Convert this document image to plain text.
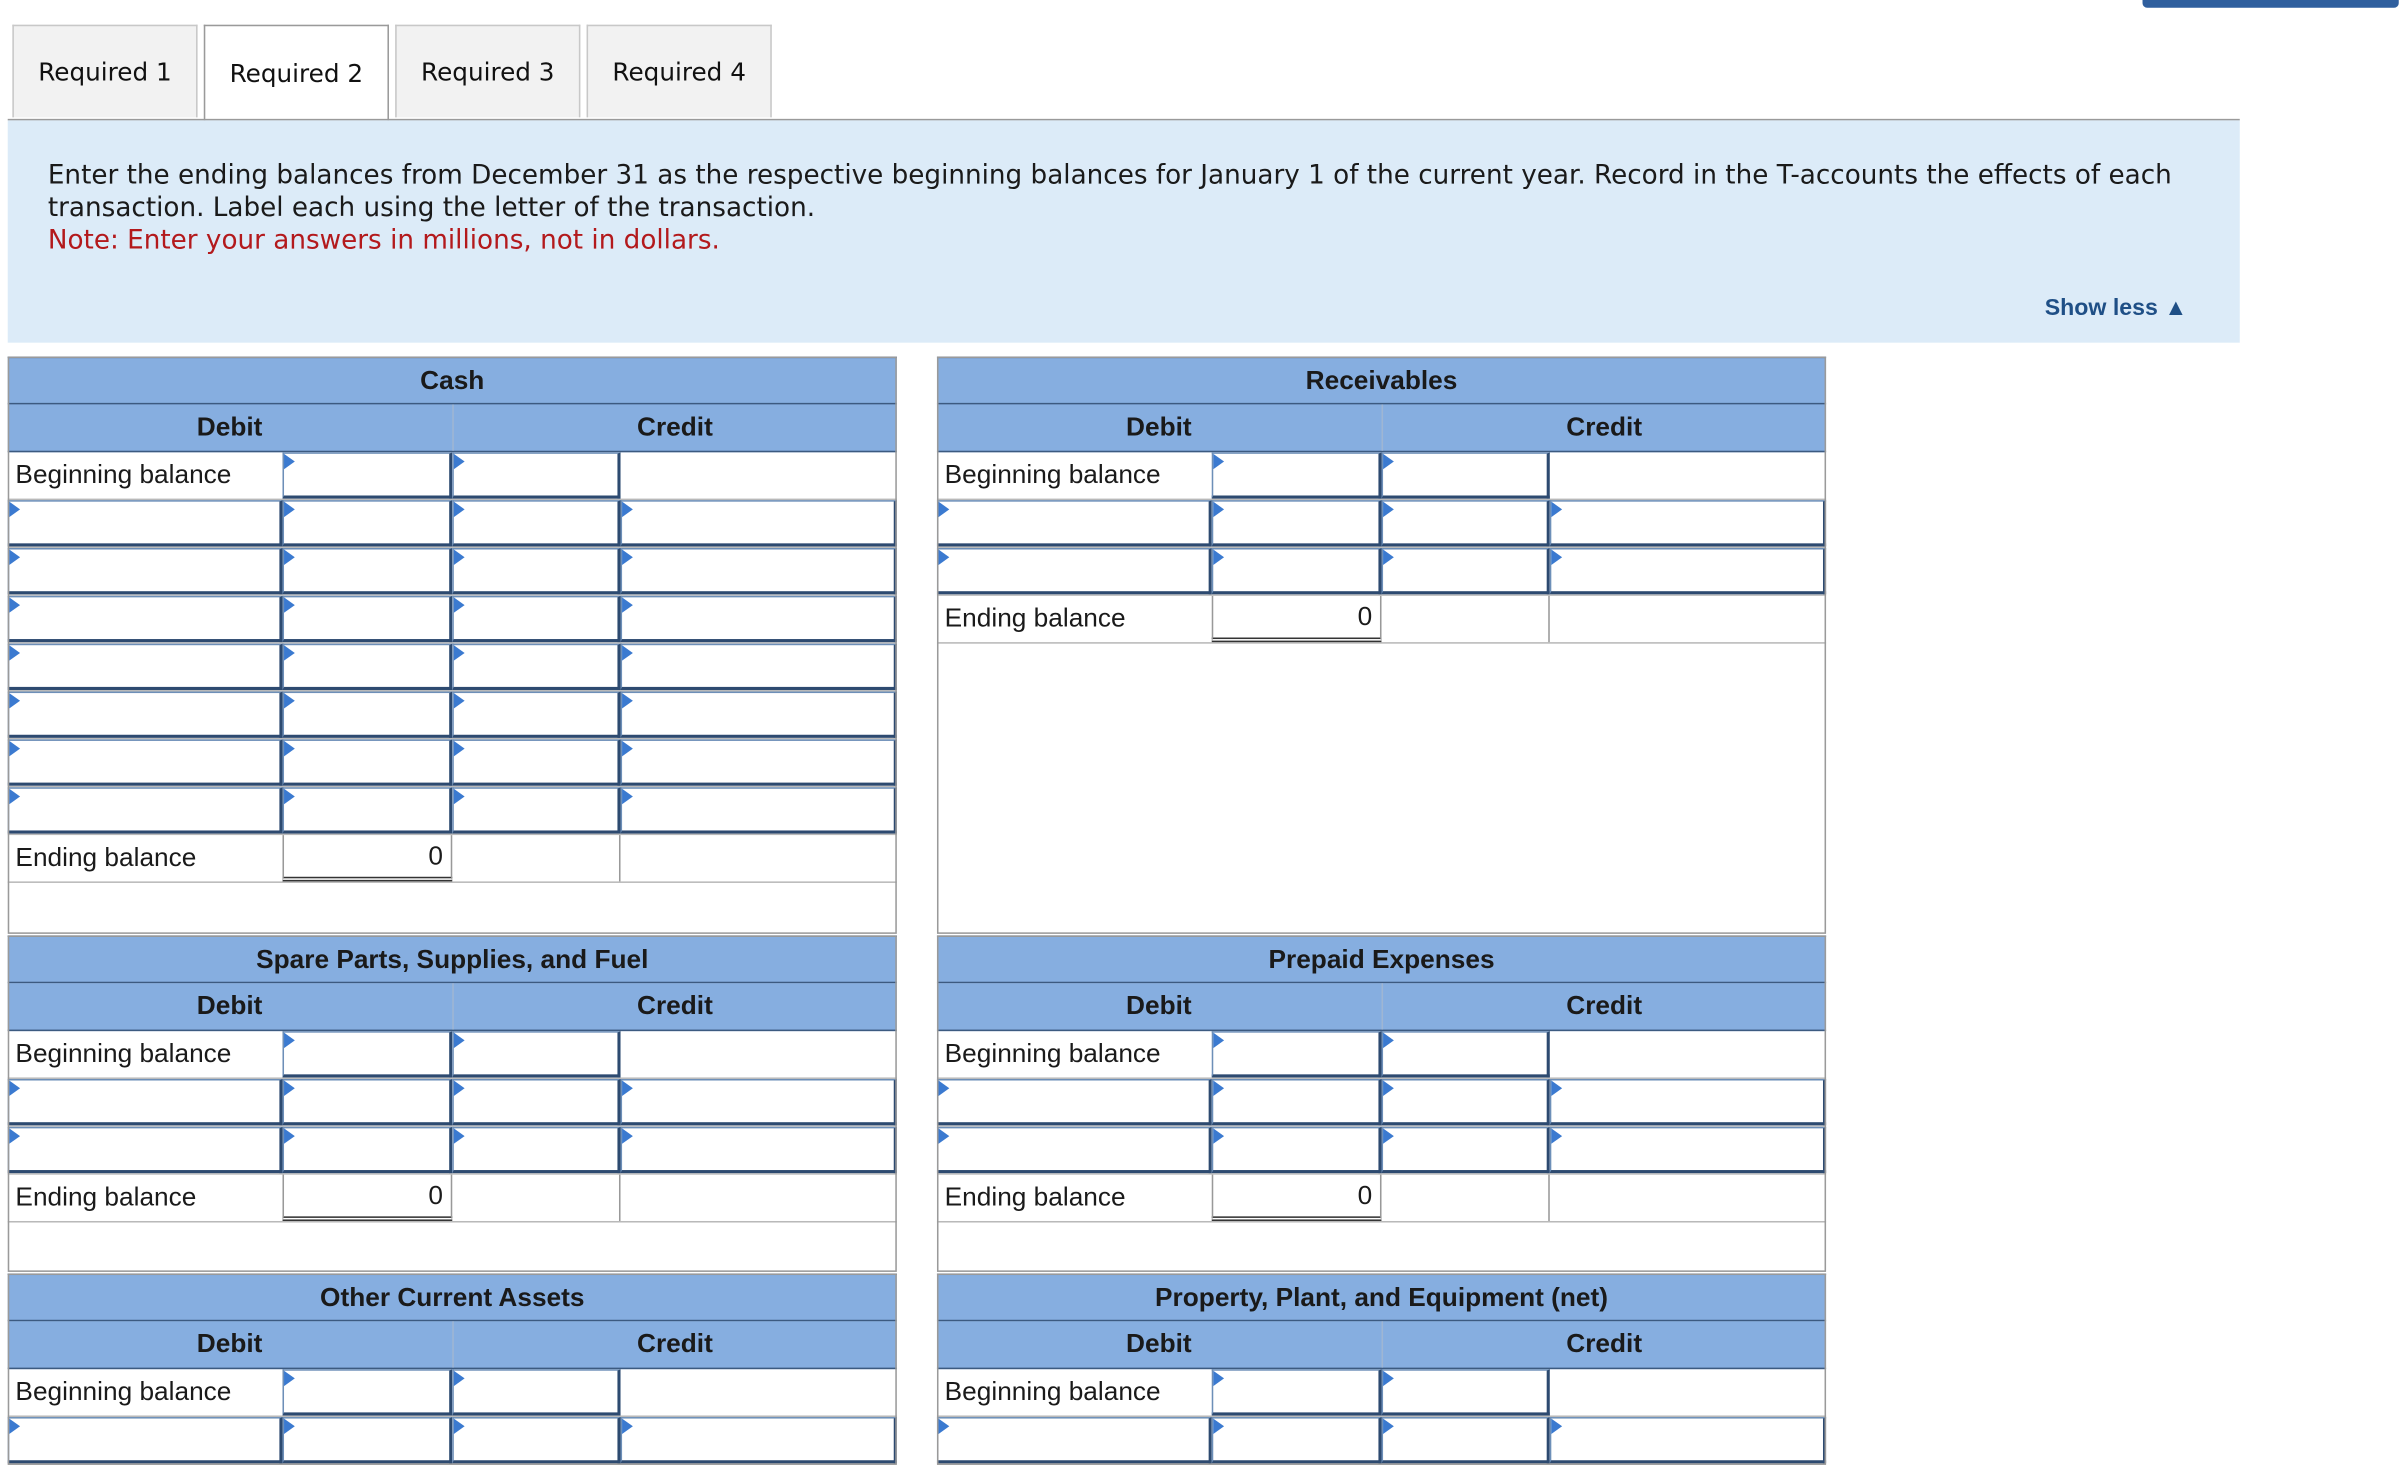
Required 1	Required 2	Required 3	Required 4
Enter the ending balances from December 31 as the respective beginning balances for January 1 of the current year. Record in the T-accounts the effects of each transaction. Label each using the letter of the transaction.
Note: Enter your answers in millions, not in dollars.
Show less ▲
Cash
Debit	Credit
Beginning balance
Ending balance	0
Receivables
Debit	Credit
Beginning balance
Ending balance	0
Spare Parts, Supplies, and Fuel
Debit	Credit
Beginning balance
Ending balance	0
Prepaid Expenses
Debit	Credit
Beginning balance
Ending balance	0
Other Current Assets
Debit	Credit
Beginning balance
Property, Plant, and Equipment (net)
Debit	Credit
Beginning balance
